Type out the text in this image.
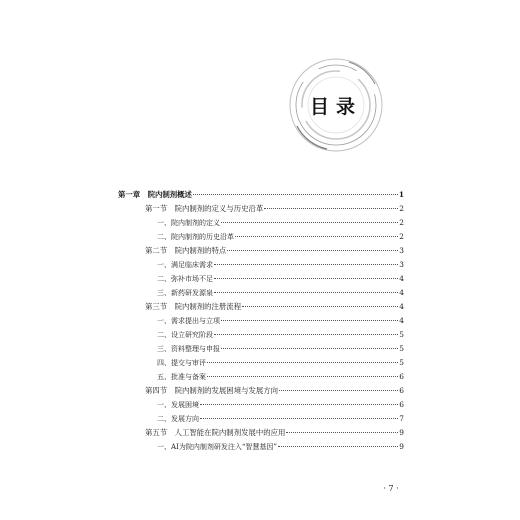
目录
第一章　院内制剂概述	1
第一节　院内制剂的定义与历史沿革	2
一、院内制剂的定义	2
二、院内制剂的历史沿革	2
第二节　院内制剂的特点	3
一、满足临床需求	3
二、弥补市场不足	4
三、新药研发源泉	4
第三节　院内制剂的注册流程	4
一、需求提出与立项	4
二、设立研究阶段	5
三、资料整理与申报	5
四、提交与审评	5
五、批准与备案	6
第四节　院内制剂的发展困境与发展方向	6
一、发展困境	6
二、发展方向	7
第五节　人工智能在院内制剂发展中的应用	9
一、AI为院内制剂研发注入“智慧基因”	9
· 7 ·
